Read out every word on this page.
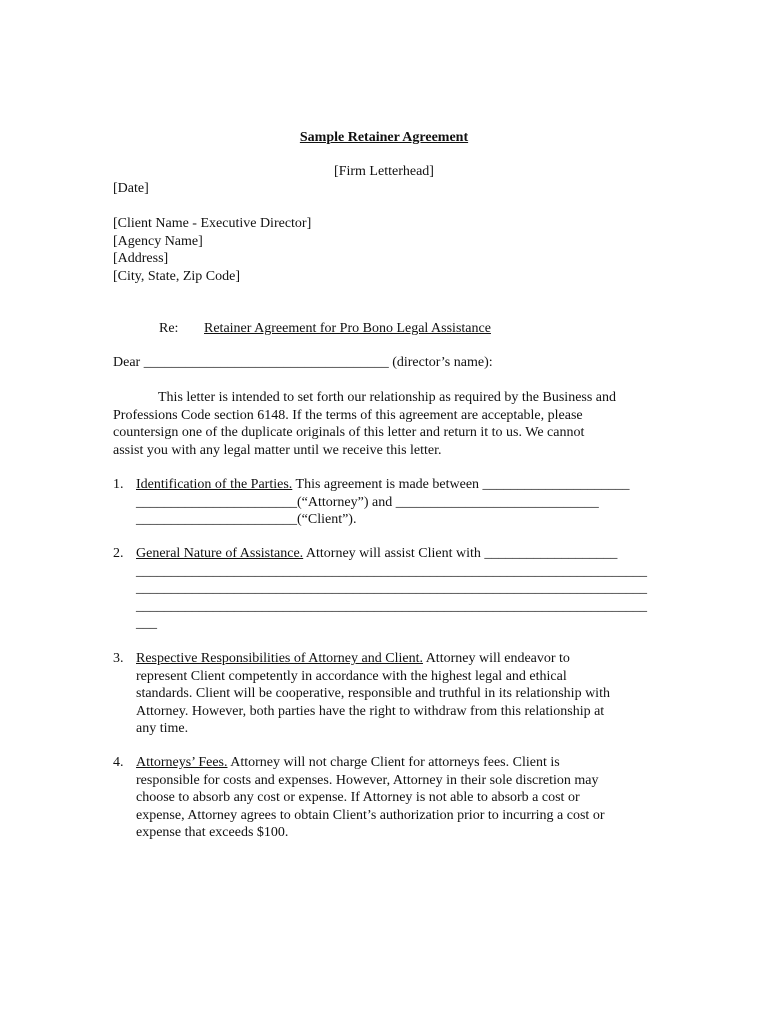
Sample Retainer Agreement
[Firm Letterhead]
[Date]
[Client Name - Executive Director]
[Agency Name]
[Address]
[City, State, Zip Code]
Re: Retainer Agreement for Pro Bono Legal Assistance
Dear ___________________________________ (director’s name):
This letter is intended to set forth our relationship as required by the Business and
Professions Code section 6148. If the terms of this agreement are acceptable, please
countersign one of the duplicate originals of this letter and return it to us. We cannot
assist you with any legal matter until we receive this letter.
1. Identification of the Parties. This agreement is made between _____________________
_______________________(“Attorney”) and _____________________________
_______________________(“Client”).
2. General Nature of Assistance. Attorney will assist Client with ___________________
_________________________________________________________________________
_________________________________________________________________________
_________________________________________________________________________
___
3. Respective Responsibilities of Attorney and Client. Attorney will endeavor to
represent Client competently in accordance with the highest legal and ethical
standards. Client will be cooperative, responsible and truthful in its relationship with
Attorney. However, both parties have the right to withdraw from this relationship at
any time.
4. Attorneys’ Fees. Attorney will not charge Client for attorneys fees. Client is
responsible for costs and expenses. However, Attorney in their sole discretion may
choose to absorb any cost or expense. If Attorney is not able to absorb a cost or
expense, Attorney agrees to obtain Client’s authorization prior to incurring a cost or
expense that exceeds $100.
